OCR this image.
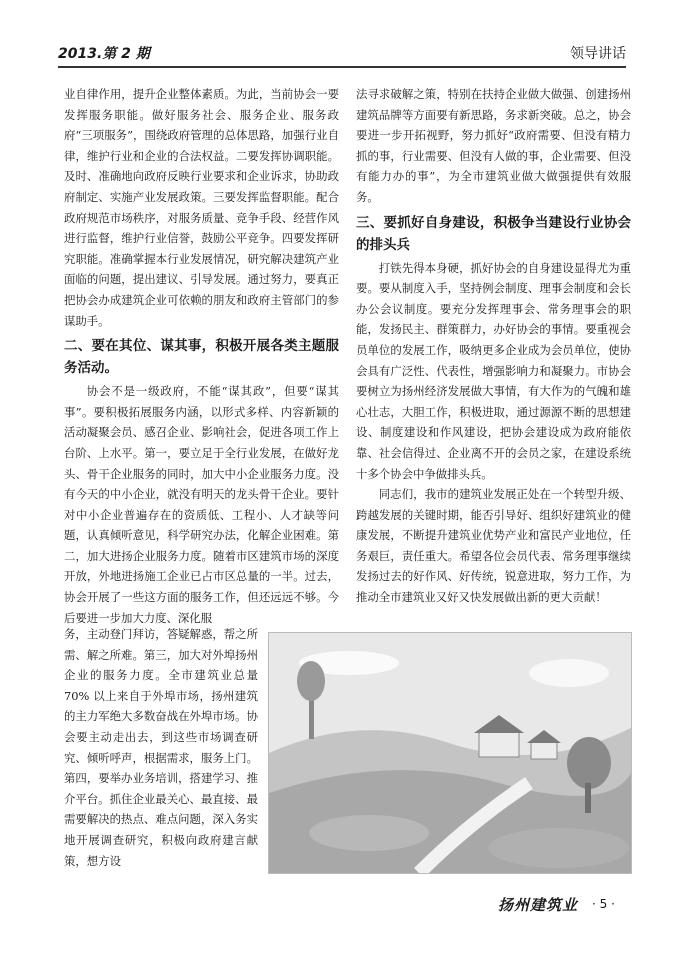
2013.第 2 期	领导讲话

业自律作用，提升企业整体素质。为此，当前协会一要发挥服务职能。做好服务社会、服务企业、服务政府“三项服务”，围绕政府管理的总体思路，加强行业自律，维护行业和企业的合法权益。二要发挥协调职能。及时、准确地向政府反映行业要求和企业诉求，协助政府制定、实施产业发展政策。三要发挥监督职能。配合政府规范市场秩序，对服务质量、竞争手段、经营作风进行监督，维护行业信誉，鼓励公平竞争。四要发挥研究职能。准确掌握本行业发展情况，研究解决建筑产业面临的问题，提出建议、引导发展。通过努力，要真正把协会办成建筑企业可依赖的朋友和政府主管部门的参谋助手。

二、要在其位、谋其事，积极开展各类主题服务活动。

协会不是一级政府，不能“谋其政”，但要“谋其事”。要积极拓展服务内涵，以形式多样、内容新颖的活动凝聚会员、感召企业、影响社会，促进各项工作上台阶、上水平。第一，要立足于全行业发展，在做好龙头、骨干企业服务的同时，加大中小企业服务力度。没有今天的中小企业，就没有明天的龙头骨干企业。要针对中小企业普遍存在的资质低、工程小、人才缺等问题，认真倾听意见，科学研究办法，化解企业困难。第二，加大进扬企业服务力度。随着市区建筑市场的深度开放，外地进扬施工企业已占市区总量的一半。过去，协会开展了一些这方面的服务工作，但还远远不够。今后要进一步加大力度、深化服

务，主动登门拜访，答疑解惑，帮之所需、解之所难。第三，加大对外埠扬州企业的服务力度。全市建筑业总量 70% 以上来自于外埠市场，扬州建筑的主力军绝大多数奋战在外埠市场。协会要主动走出去，到这些市场调查研究、倾听呼声，根据需求，服务上门。第四，要举办业务培训，搭建学习、推介平台。抓住企业最关心、最直接、最需要解决的热点、难点问题，深入务实地开展调查研究，积极向政府建言献策，想方设

法寻求破解之策，特别在扶持企业做大做强、创建扬州建筑品牌等方面要有新思路，务求新突破。总之，协会要进一步开拓视野，努力抓好“政府需要、但没有精力抓的事，行业需要、但没有人做的事，企业需要、但没有能力办的事”，为全市建筑业做大做强提供有效服务。

三、要抓好自身建设，积极争当建设行业协会的排头兵

打铁先得本身硬，抓好协会的自身建设显得尤为重要。要从制度入手，坚持例会制度、理事会制度和会长办公会议制度。要充分发挥理事会、常务理事会的职能，发扬民主、群策群力，办好协会的事情。要重视会员单位的发展工作，吸纳更多企业成为会员单位，使协会具有广泛性、代表性，增强影响力和凝聚力。市协会要树立为扬州经济发展做大事情，有大作为的气魄和雄心壮志，大胆工作，积极进取，通过源源不断的思想建设、制度建设和作风建设，把协会建设成为政府能依靠、社会信得过、企业离不开的会员之家，在建设系统十多个协会中争做排头兵。

同志们，我市的建筑业发展正处在一个转型升级、跨越发展的关键时期，能否引导好、组织好建筑业的健康发展，不断提升建筑业优势产业和富民产业地位，任务艰巨，责任重大。希望各位会员代表、常务理事继续发扬过去的好作风、好传统，锐意进取，努力工作，为推动全市建筑业又好又快发展做出新的更大贡献！

扬州建筑业 · 5 ·
